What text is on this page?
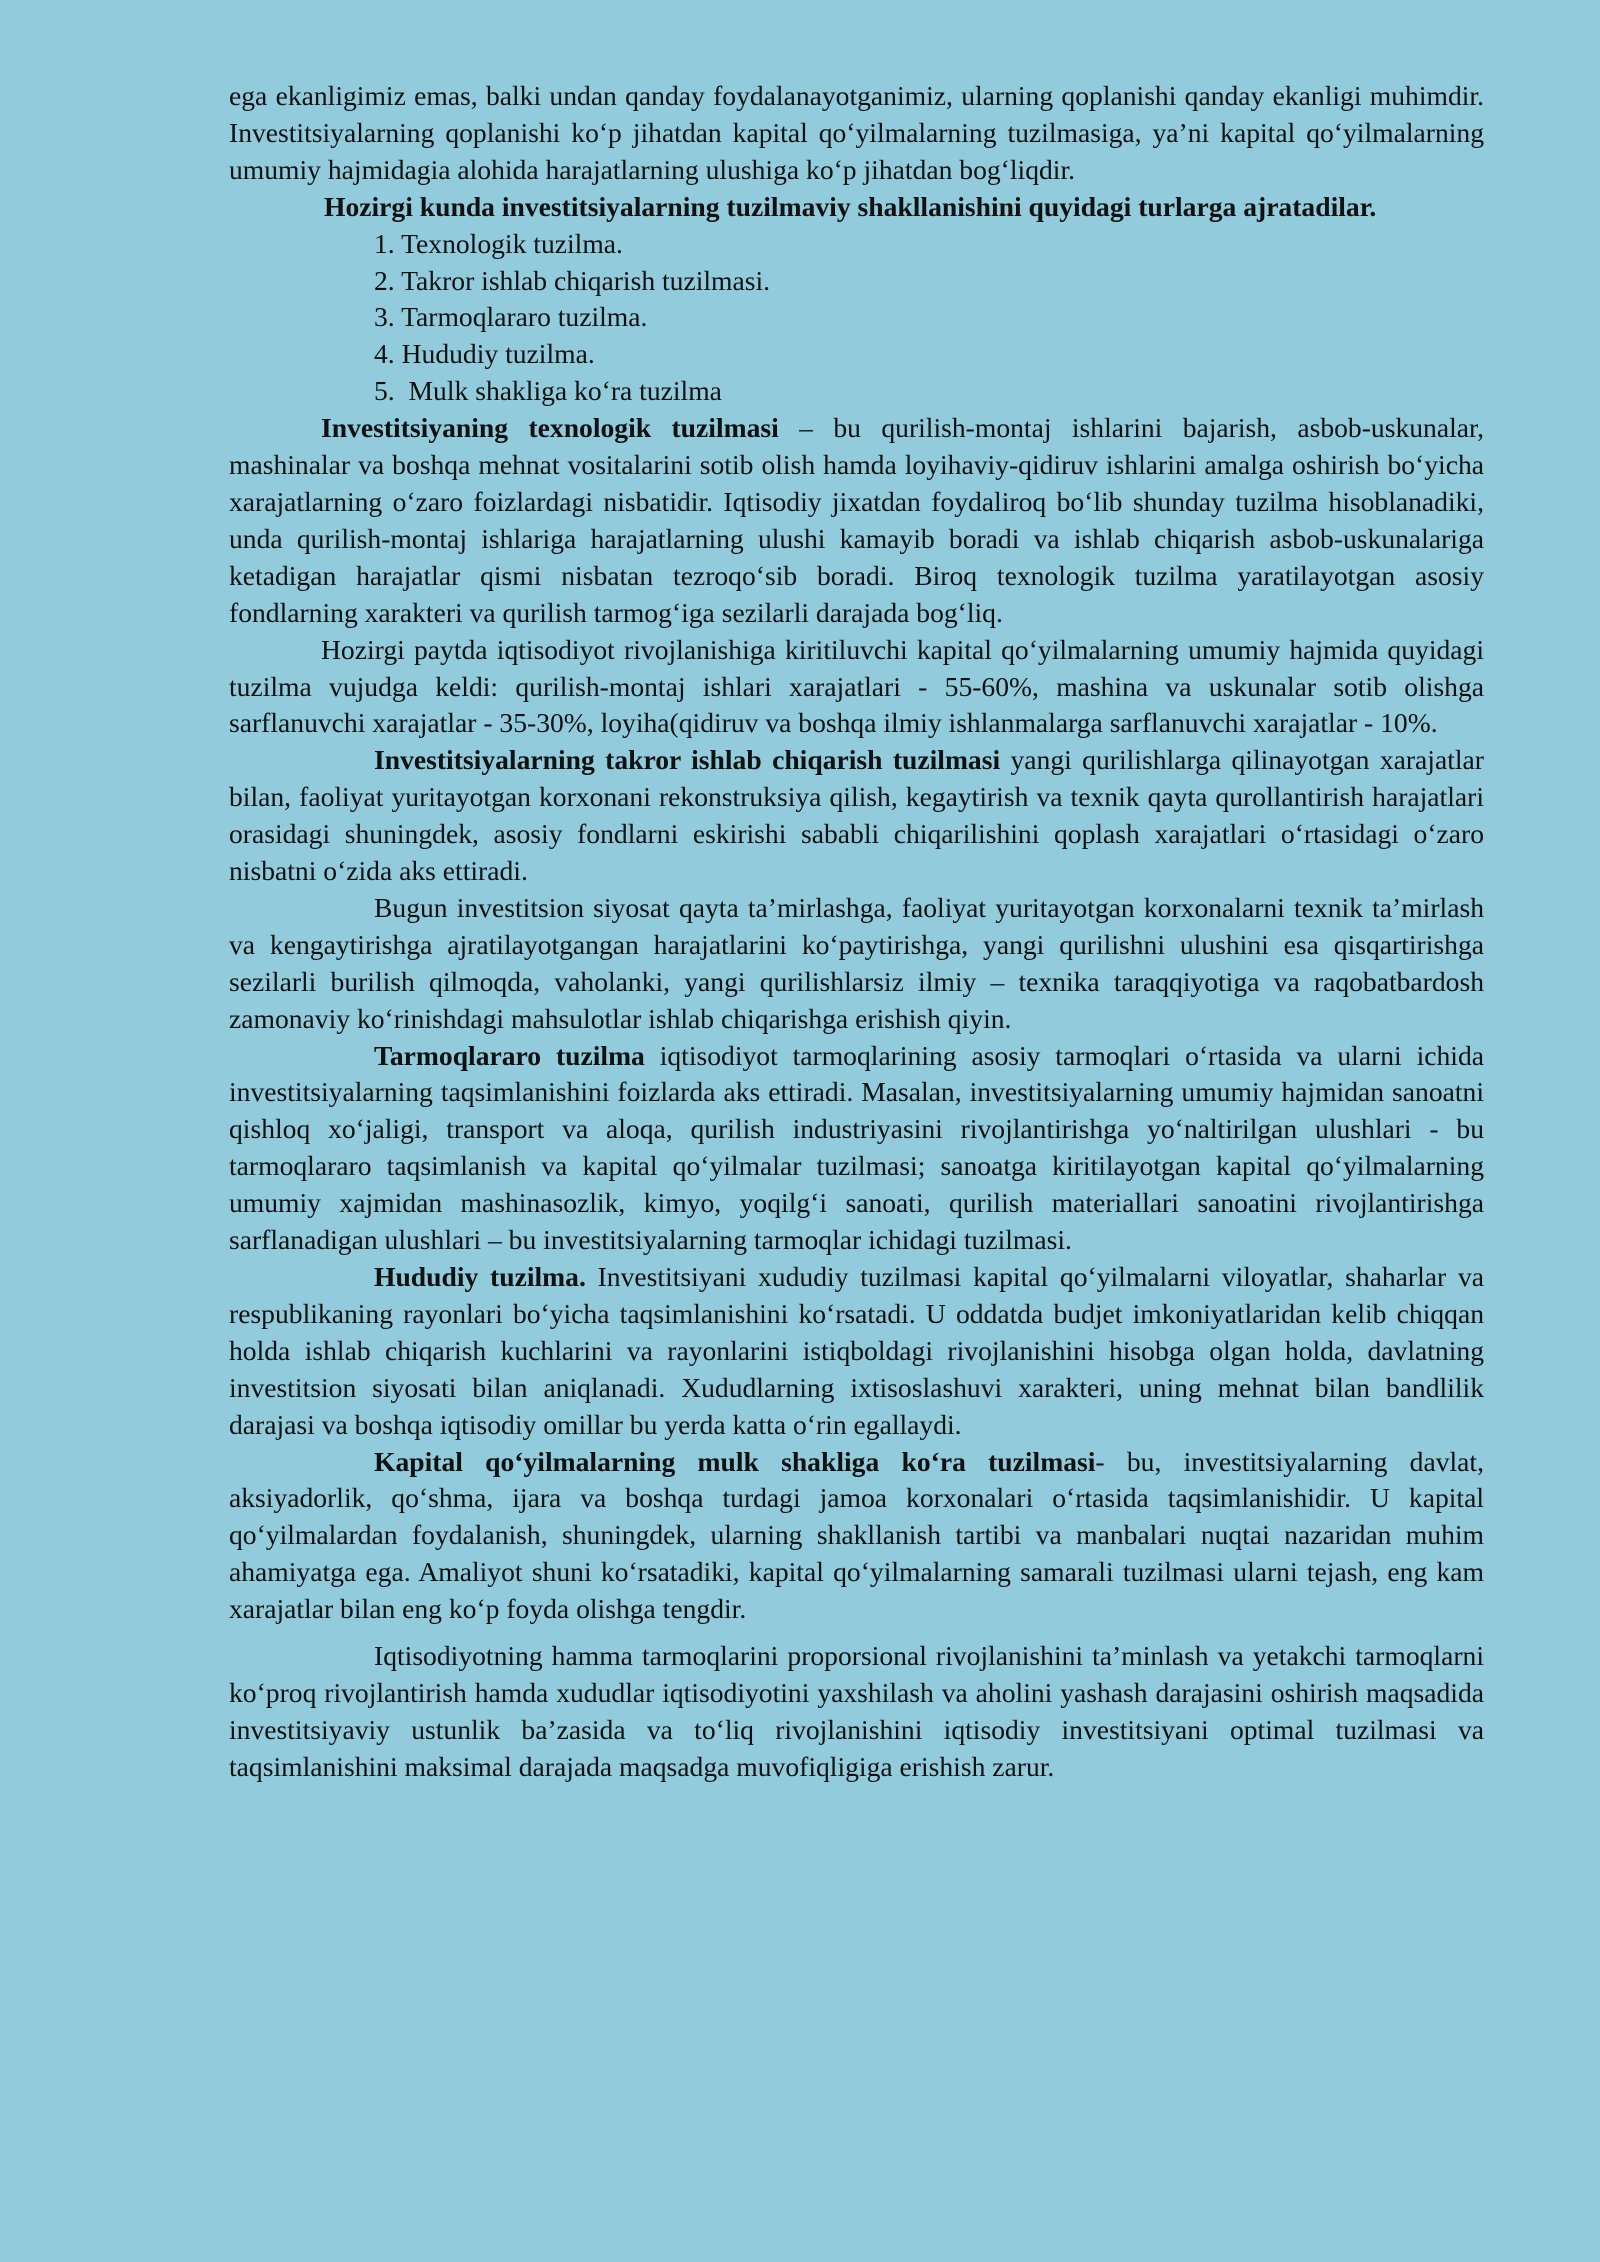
ega ekanligimiz emas, balki undan qanday foydalanayotganimiz, ularning qoplanishi qanday ekanligi muhimdir. Investitsiyalarning qoplanishi ko‘p jihatdan kapital qo‘yilmalarning tuzilmasiga, ya’ni kapital qo‘yilmalarning umumiy hajmidagia alohida harajatlarning ulushiga ko‘p jihatdan bog‘liqdir.

Hozirgi kunda investitsiyalarning tuzilmaviy shakllanishini quyidagi turlarga ajratadilar.

1. Texnologik tuzilma.
2. Takror ishlab chiqarish tuzilmasi.
3. Tarmoqlararo tuzilma.
4. Hududiy tuzilma.
5.  Mulk shakliga ko‘ra tuzilma

Investitsiyaning texnologik tuzilmasi – bu qurilish-montaj ishlarini bajarish, asbob-uskunalar, mashinalar va boshqa mehnat vositalarini sotib olish hamda loyihaviy-qidiruv ishlarini amalga oshirish bo‘yicha xarajatlarning o‘zaro foizlardagi nisbatidir. Iqtisodiy jixatdan foydaliroq bo‘lib shunday tuzilma hisoblanadiki, unda qurilish-montaj ishlariga harajatlarning ulushi kamayib boradi va ishlab chiqarish asbob-uskunalariga ketadigan harajatlar qismi nisbatan tezroqo‘sib boradi. Biroq texnologik tuzilma yaratilayotgan asosiy fondlarning xarakteri va qurilish tarmog‘iga sezilarli darajada bog‘liq.

Hozirgi paytda iqtisodiyot rivojlanishiga kiritiluvchi kapital qo‘yilmalarning umumiy hajmida quyidagi tuzilma vujudga keldi: qurilish-montaj ishlari xarajatlari - 55-60%, mashina va uskunalar sotib olishga sarflanuvchi xarajatlar - 35-30%, loyiha(qidiruv va boshqa ilmiy ishlanmalarga sarflanuvchi xarajatlar - 10%.

Investitsiyalarning takror ishlab chiqarish tuzilmasi yangi qurilishlarga qilinayotgan xarajatlar bilan, faoliyat yuritayotgan korxonani rekonstruksiya qilish, kegaytirish va texnik qayta qurollantirish harajatlari orasidagi shuningdek, asosiy fondlarni eskirishi sababli chiqarilishini qoplash xarajatlari o‘rtasidagi o‘zaro nisbatni o‘zida aks ettiradi.

Bugun investitsion siyosat qayta ta’mirlashga, faoliyat yuritayotgan korxonalarni texnik ta’mirlash va kengaytirishga ajratilayotgangan harajatlarini ko‘paytirishga, yangi qurilishni ulushini esa qisqartirishga sezilarli burilish qilmoqda, vaholanki, yangi qurilishlarsiz ilmiy – texnika taraqqiyotiga va raqobatbardosh zamonaviy ko‘rinishdagi mahsulotlar ishlab chiqarishga erishish qiyin.

Tarmoqlararo tuzilma iqtisodiyot tarmoqlarining asosiy tarmoqlari o‘rtasida va ularni ichida investitsiyalarning taqsimlanishini foizlarda aks ettiradi. Masalan, investitsiyalarning umumiy hajmidan sanoatni qishloq xo‘jaligi, transport va aloqa, qurilish industriyasini rivojlantirishga yo‘naltirilgan ulushlari - bu tarmoqlararo taqsimlanish va kapital qo‘yilmalar tuzilmasi; sanoatga kiritilayotgan kapital qo‘yilmalarning umumiy xajmidan mashinasozlik, kimyo, yoqilg‘i sanoati, qurilish materiallari sanoatini rivojlantirishga sarflanadigan ulushlari – bu investitsiyalarning tarmoqlar ichidagi tuzilmasi.

Hududiy tuzilma. Investitsiyani xududiy tuzilmasi kapital qo‘yilmalarni viloyatlar, shaharlar va respublikaning rayonlari bo‘yicha taqsimlanishini ko‘rsatadi. U oddatda budjet imkoniyatlaridan kelib chiqqan holda ishlab chiqarish kuchlarini va rayonlarini istiqboldagi rivojlanishini hisobga olgan holda, davlatning investitsion siyosati bilan aniqlanadi. Xududlarning ixtisoslashuvi xarakteri, uning mehnat bilan bandlilik darajasi va boshqa iqtisodiy omillar bu yerda katta o‘rin egallaydi.

Kapital qo‘yilmalarning mulk shakliga ko‘ra tuzilmasi- bu, investitsiyalarning davlat, aksiyadorlik, qo‘shma, ijara va boshqa turdagi jamoa korxonalari o‘rtasida taqsimlanishidir. U kapital qo‘yilmalardan foydalanish, shuningdek, ularning shakllanish tartibi va manbalari nuqtai nazaridan muhim ahamiyatga ega. Amaliyot shuni ko‘rsatadiki, kapital qo‘yilmalarning samarali tuzilmasi ularni tejash, eng kam xarajatlar bilan eng ko‘p foyda olishga tengdir.

Iqtisodiyotning hamma tarmoqlarini proporsional rivojlanishini ta’minlash va yetakchi tarmoqlarni ko‘proq rivojlantirish hamda xududlar iqtisodiyotini yaxshilash va aholini yashash darajasini oshirish maqsadida investitsiyaviy ustunlik ba’zasida va to‘liq rivojlanishini iqtisodiy investitsiyani optimal tuzilmasi va taqsimlanishini maksimal darajada maqsadga muvofiqligiga erishish zarur.
